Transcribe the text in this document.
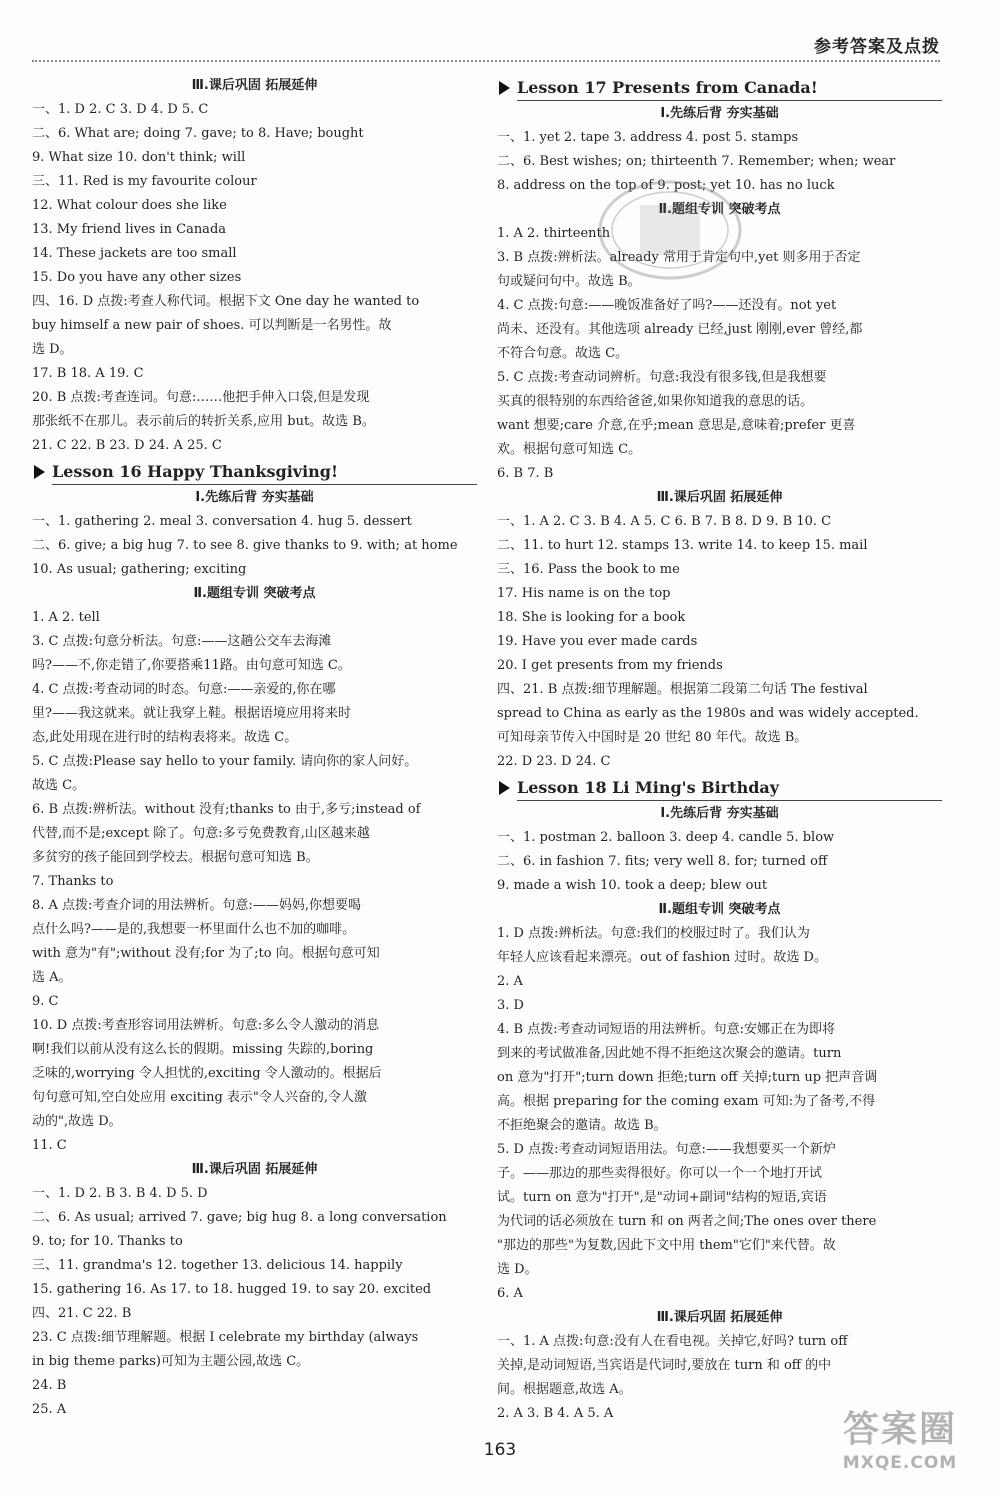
参考答案及点拨
Ⅲ.课后巩固 拓展延伸
一、1. D 2. C 3. D 4. D 5. C
二、6. What are; doing 7. gave; to 8. Have; bought
9. What size 10. don't think; will
三、11. Red is my favourite colour
12. What colour does she like
13. My friend lives in Canada
14. These jackets are too small
15. Do you have any other sizes
四、16. D 点拨:考查人称代词。根据下文 One day he wanted to
buy himself a new pair of shoes. 可以判断是一名男性。故
选 D。
17. B 18. A 19. C
20. B 点拨:考查连词。句意:……他把手伸入口袋,但是发现
那张纸不在那儿。表示前后的转折关系,应用 but。故选 B。
21. C 22. B 23. D 24. A 25. C
Lesson 16 Happy Thanksgiving!
Ⅰ.先练后背 夯实基础
一、1. gathering 2. meal 3. conversation 4. hug 5. dessert
二、6. give; a big hug 7. to see 8. give thanks to 9. with; at home
10. As usual; gathering; exciting
Ⅱ.题组专训 突破考点
1. A 2. tell
3. C 点拨:句意分析法。句意:——这趟公交车去海滩
吗?——不,你走错了,你要搭乘11路。由句意可知选 C。
4. C 点拨:考查动词的时态。句意:——亲爱的,你在哪
里?——我这就来。就让我穿上鞋。根据语境应用将来时
态,此处用现在进行时的结构表将来。故选 C。
5. C 点拨:Please say hello to your family. 请向你的家人问好。
故选 C。
6. B 点拨:辨析法。without 没有;thanks to 由于,多亏;instead of
代替,而不是;except 除了。句意:多亏免费教育,山区越来越
多贫穷的孩子能回到学校去。根据句意可知选 B。
7. Thanks to
8. A 点拨:考查介词的用法辨析。句意:——妈妈,你想要喝
点什么吗?——是的,我想要一杯里面什么也不加的咖啡。
with 意为"有";without 没有;for 为了;to 向。根据句意可知
选 A。
9. C
10. D 点拨:考查形容词用法辨析。句意:多么令人激动的消息
啊!我们以前从没有这么长的假期。missing 失踪的,boring
乏味的,worrying 令人担忧的,exciting 令人激动的。根据后
句句意可知,空白处应用 exciting 表示"令人兴奋的,令人激
动的",故选 D。
11. C
Ⅲ.课后巩固 拓展延伸
一、1. D 2. B 3. B 4. D 5. D
二、6. As usual; arrived 7. gave; big hug 8. a long conversation
9. to; for 10. Thanks to
三、11. grandma's 12. together 13. delicious 14. happily
15. gathering 16. As 17. to 18. hugged 19. to say 20. excited
四、21. C 22. B
23. C 点拨:细节理解题。根据 I celebrate my birthday (always
in big theme parks)可知为主题公园,故选 C。
24. B
25. A
Lesson 17 Presents from Canada!
Ⅰ.先练后背 夯实基础
一、1. yet 2. tape 3. address 4. post 5. stamps
二、6. Best wishes; on; thirteenth 7. Remember; when; wear
8. address on the top of 9. post; yet 10. has no luck
Ⅱ.题组专训 突破考点
1. A 2. thirteenth
3. B 点拨:辨析法。already 常用于肯定句中,yet 则多用于否定
句或疑问句中。故选 B。
4. C 点拨:句意:——晚饭准备好了吗?——还没有。not yet
尚未、还没有。其他选项 already 已经,just 刚刚,ever 曾经,都
不符合句意。故选 C。
5. C 点拨:考查动词辨析。句意:我没有很多钱,但是我想要
买真的很特别的东西给爸爸,如果你知道我的意思的话。
want 想要;care 介意,在乎;mean 意思是,意味着;prefer 更喜
欢。根据句意可知选 C。
6. B 7. B
Ⅲ.课后巩固 拓展延伸
一、1. A 2. C 3. B 4. A 5. C 6. B 7. B 8. D 9. B 10. C
二、11. to hurt 12. stamps 13. write 14. to keep 15. mail
三、16. Pass the book to me
17. His name is on the top
18. She is looking for a book
19. Have you ever made cards
20. I get presents from my friends
四、21. B 点拨:细节理解题。根据第二段第二句话 The festival
spread to China as early as the 1980s and was widely accepted.
可知母亲节传入中国时是 20 世纪 80 年代。故选 B。
22. D 23. D 24. C
Lesson 18 Li Ming's Birthday
Ⅰ.先练后背 夯实基础
一、1. postman 2. balloon 3. deep 4. candle 5. blow
二、6. in fashion 7. fits; very well 8. for; turned off
9. made a wish 10. took a deep; blew out
Ⅱ.题组专训 突破考点
1. D 点拨:辨析法。句意:我们的校服过时了。我们认为
年轻人应该看起来漂亮。out of fashion 过时。故选 D。
2. A
3. D
4. B 点拨:考查动词短语的用法辨析。句意:安娜正在为即将
到来的考试做准备,因此她不得不拒绝这次聚会的邀请。turn
on 意为"打开";turn down 拒绝;turn off 关掉;turn up 把声音调
高。根据 preparing for the coming exam 可知:为了备考,不得
不拒绝聚会的邀请。故选 B。
5. D 点拨:考查动词短语用法。句意:——我想要买一个新炉
子。——那边的那些卖得很好。你可以一个一个地打开试
试。turn on 意为"打开",是"动词+副词"结构的短语,宾语
为代词的话必须放在 turn 和 on 两者之间;The ones over there
"那边的那些"为复数,因此下文中用 them"它们"来代替。故
选 D。
6. A
Ⅲ.课后巩固 拓展延伸
一、1. A 点拨:句意:没有人在看电视。关掉它,好吗? turn off
关掉,是动词短语,当宾语是代词时,要放在 turn 和 off 的中
间。根据题意,故选 A。
2. A 3. B 4. A 5. A
163	答案圈
MXQE.COM
